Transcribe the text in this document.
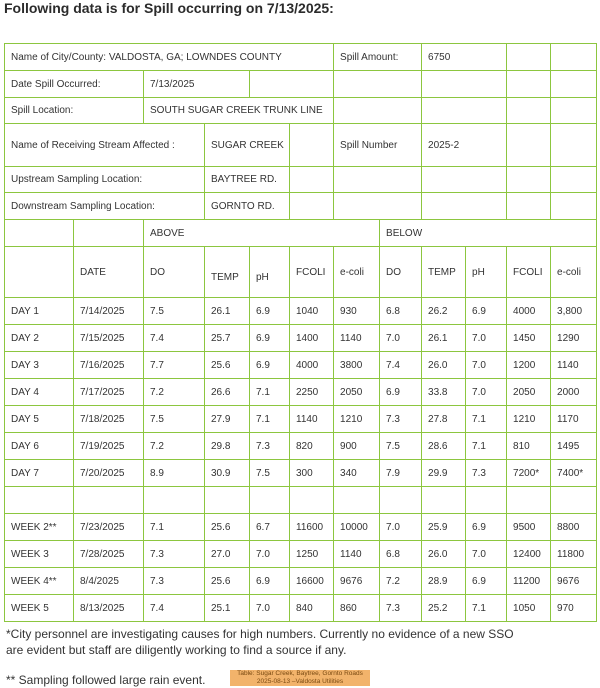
Following data is for Spill occurring on 7/13/2025:
Name of City/County: VALDOSTA, GA; LOWNDES COUNTY						Spill Amount:		6750			
Date Spill Occurred:		7/13/2025									
Spill Location:		SOUTH SUGAR CREEK TRUNK LINE									
Name of Receiving Stream Affected :			SUGAR CREEK			Spill Number		2025-2			
Upstream Sampling Location:			BAYTREE RD.								
Downstream Sampling Location:			GORNTO RD.								
		ABOVE					BELOW				
	DATE	DO	TEMP	pH	FCOLI	e-coli	DO	TEMP	pH	FCOLI	e-coli
DAY 1	7/14/2025	7.5	26.1	6.9	1040	930	6.8	26.2	6.9	4000	3,800
DAY 2	7/15/2025	7.4	25.7	6.9	1400	1140	7.0	26.1	7.0	1450	1290
DAY 3	7/16/2025	7.7	25.6	6.9	4000	3800	7.4	26.0	7.0	1200	1140
DAY 4	7/17/2025	7.2	26.6	7.1	2250	2050	6.9	33.8	7.0	2050	2000
DAY 5	7/18/2025	7.5	27.9	7.1	1140	1210	7.3	27.8	7.1	1210	1170
DAY 6	7/19/2025	7.2	29.8	7.3	820	900	7.5	28.6	7.1	810	1495
DAY 7	7/20/2025	8.9	30.9	7.5	300	340	7.9	29.9	7.3	7200*	7400*

WEEK 2**	7/23/2025	7.1	25.6	6.7	11600	10000	7.0	25.9	6.9	9500	8800
WEEK 3	7/28/2025	7.3	27.0	7.0	1250	1140	6.8	26.0	7.0	12400	11800
WEEK 4**	8/4/2025	7.3	25.6	6.9	16600	9676	7.2	28.9	6.9	11200	9676
WEEK 5	8/13/2025	7.4	25.1	7.0	840	860	7.3	25.2	7.1	1050	970
*City personnel are investigating causes for high numbers. Currently no evidence of a new SSO are evident but staff are diligently working to find a source if any.
** Sampling followed large rain event.	Table: Sugar Creek, Baytree, Gornto Roads
2025-08-13 –Valdosta Utilities
